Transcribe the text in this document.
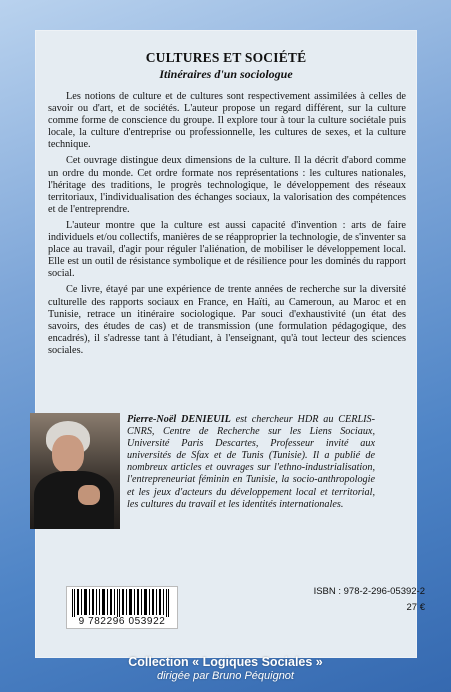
CULTURES ET SOCIÉTÉ
Itinéraires d'un sociologue

Les notions de culture et de cultures sont respectivement assimilées à celles de savoir ou d'art, et de sociétés. L'auteur propose un regard différent, sur la culture comme forme de conscience du groupe. Il explore tour à tour la culture sociétale puis locale, la culture d'entreprise ou professionnelle, les cultures de sexes, et la culture technique.

Cet ouvrage distingue deux dimensions de la culture. Il la décrit d'abord comme un ordre du monde. Cet ordre formate nos représentations : les cultures nationales, l'héritage des traditions, le progrès technologique, le développement des réseaux territoriaux, l'individualisation des échanges sociaux, la valorisation des compétences et de l'entreprendre.

L'auteur montre que la culture est aussi capacité d'invention : arts de faire individuels et/ou collectifs, manières de se réapproprier la technologie, de s'inventer sa place au travail, d'agir pour réguler l'aliénation, de mobiliser le développement local. Elle est un outil de résistance symbolique et de résilience pour les dominés du rapport social.

Ce livre, étayé par une expérience de trente années de recherche sur la diversité culturelle des rapports sociaux en France, en Haïti, au Cameroun, au Maroc et en Tunisie, retrace un itinéraire sociologique. Par souci d'exhaustivité (un état des savoirs, des études de cas) et de transmission (une formulation pédagogique, des encadrés), il s'adresse tant à l'étudiant, à l'enseignant, qu'à tout lecteur des sciences sociales.

Pierre-Noël DENIEUIL est chercheur HDR au CERLIS-CNRS, Centre de Recherche sur les Liens Sociaux, Université Paris Descartes, Professeur invité aux universités de Sfax et de Tunis (Tunisie). Il a publié de nombreux articles et ouvrages sur l'ethno-industrialisation, l'entrepreneuriat féminin en Tunisie, la socio-anthropologie et les jeux d'acteurs du développement local et territorial, les cultures du travail et les identités internationales.
9 782296 053922
ISBN : 978-2-296-05392-2
27 €
Collection « Logiques Sociales »
dirigée par Bruno Péquignot
